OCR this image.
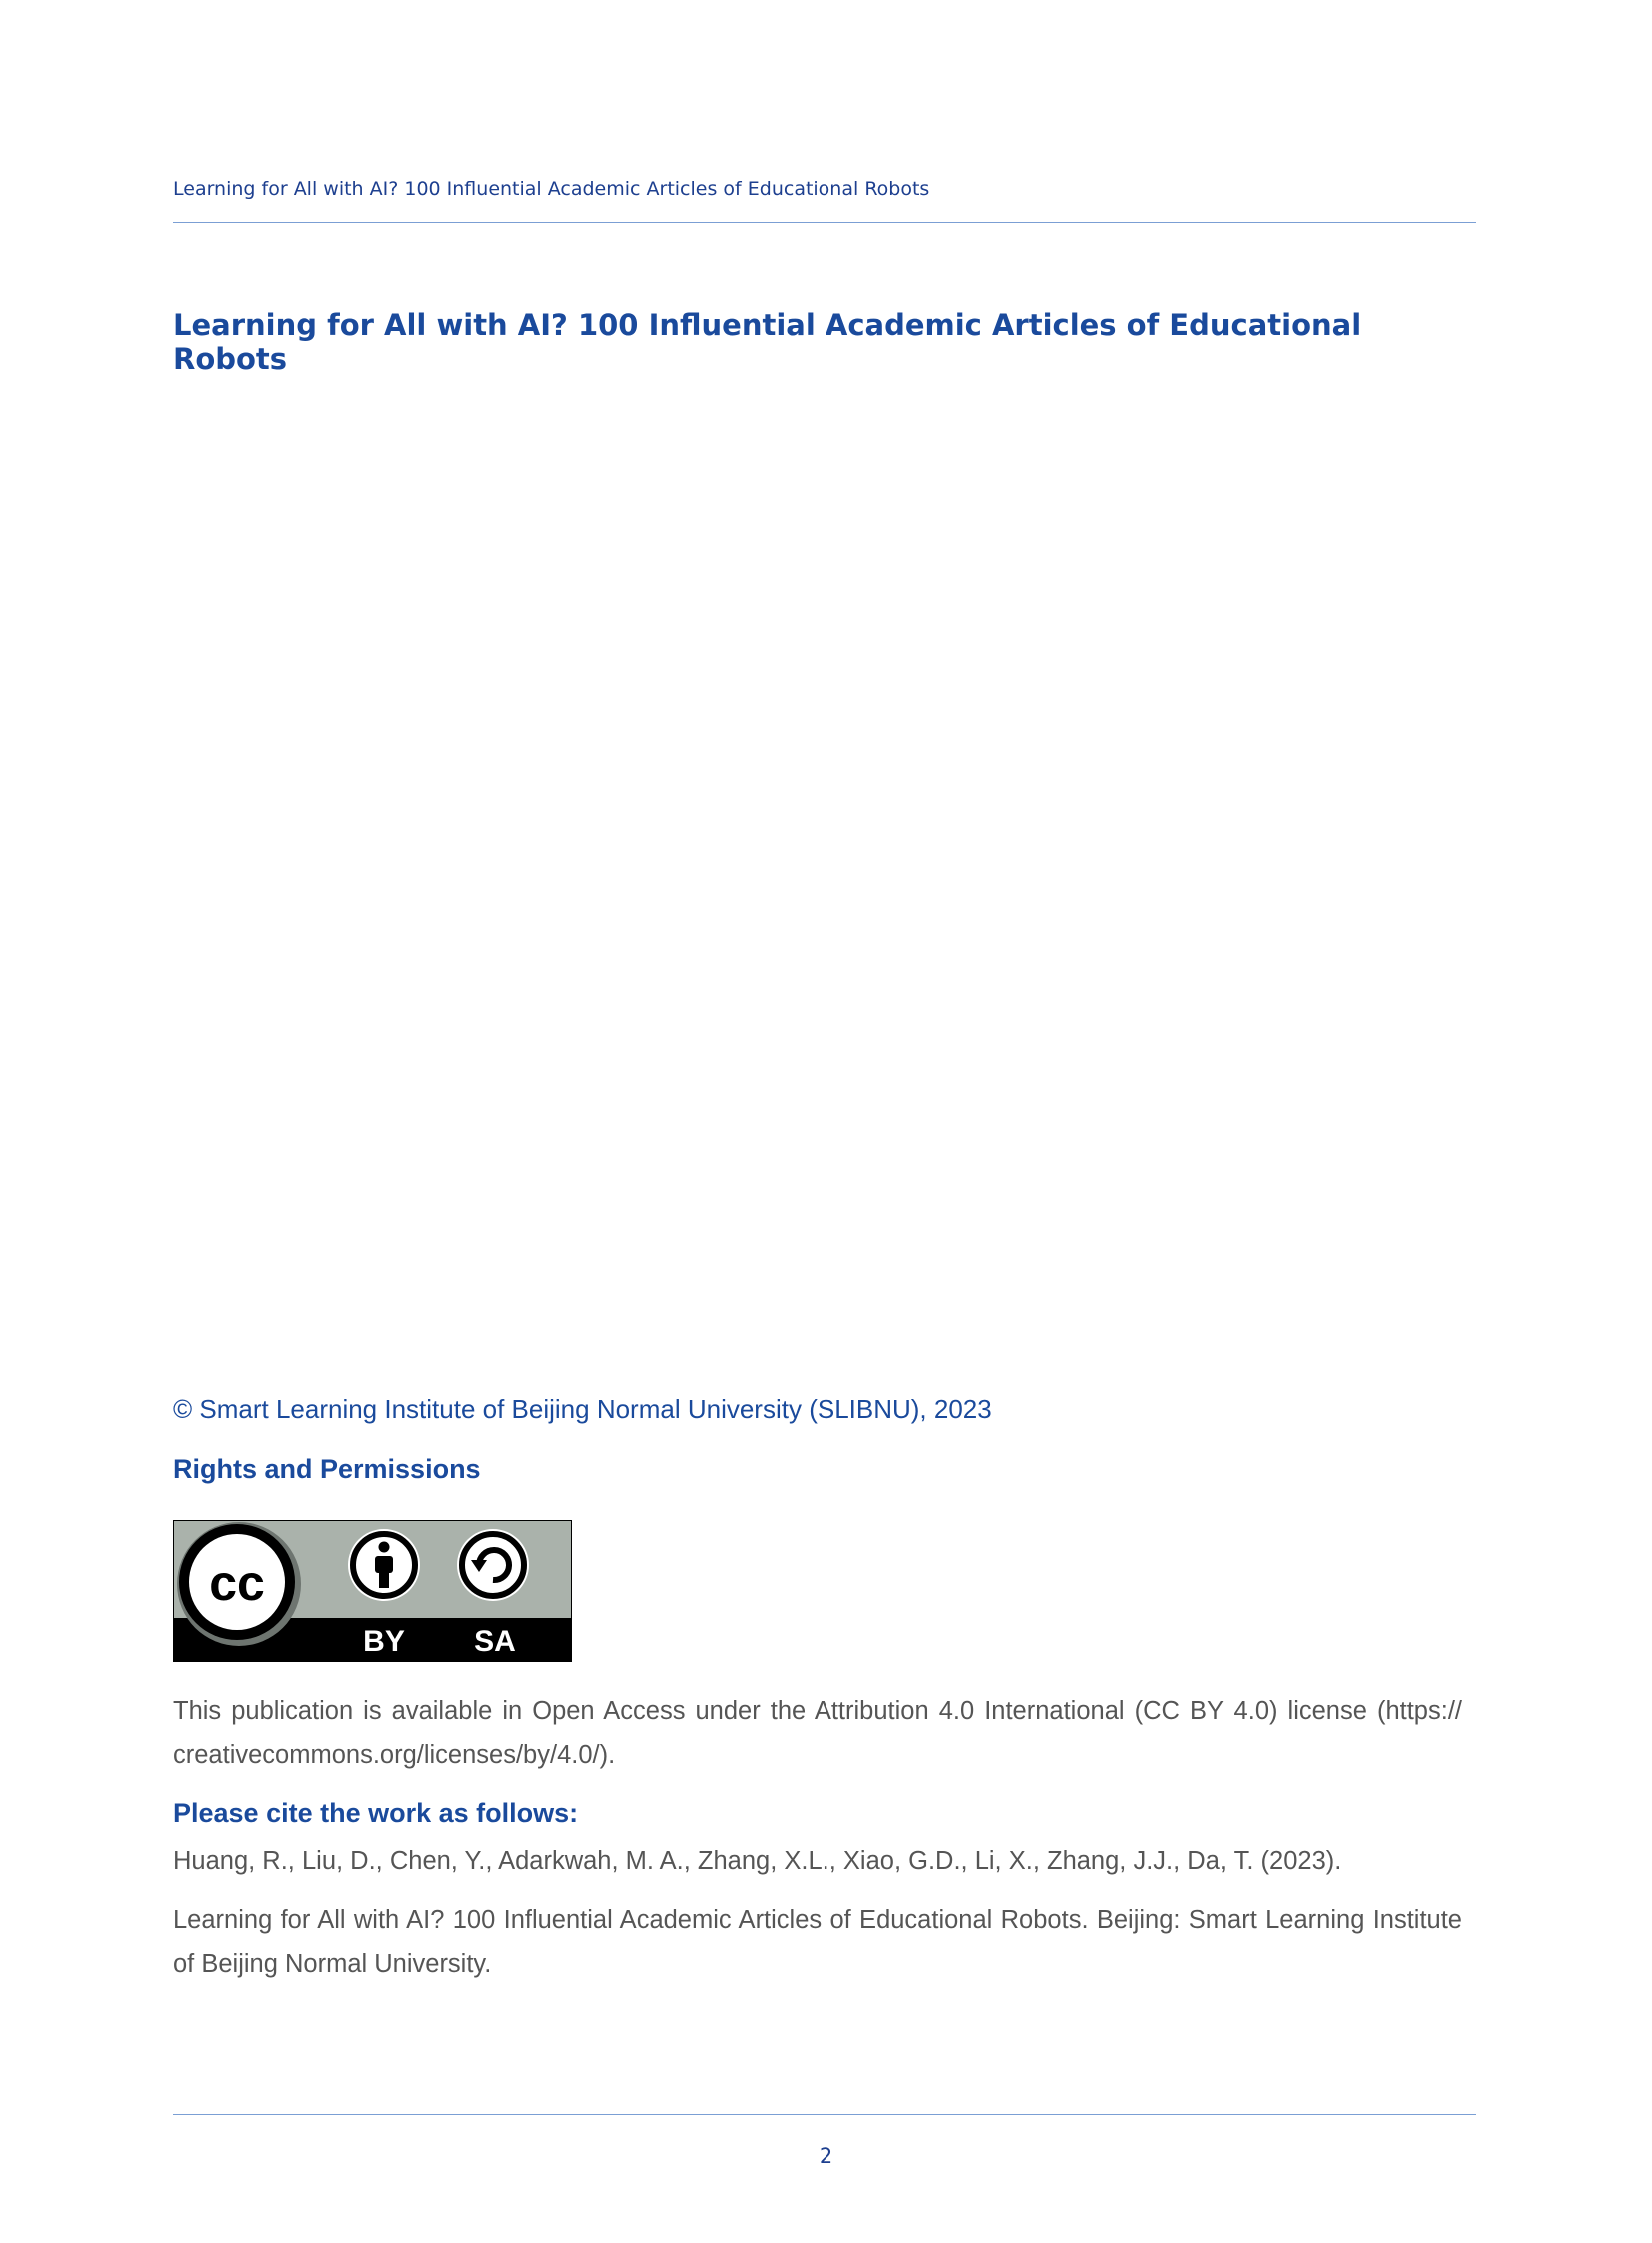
Learning for All with AI? 100 Influential Academic Articles of Educational Robots
Learning for All with AI? 100 Influential Academic Articles of Educational Robots
© Smart Learning Institute of Beijing Normal University (SLIBNU), 2023
Rights and Permissions
cc
BY SA
This publication is available in Open Access under the Attribution 4.0 International (CC BY 4.0) license (https:// creativecommons.org/licenses/by/4.0/).
Please cite the work as follows:
Huang, R., Liu, D., Chen, Y., Adarkwah, M. A., Zhang, X.L., Xiao, G.D., Li, X., Zhang, J.J., Da, T. (2023).
Learning for All with AI? 100 Influential Academic Articles of Educational Robots. Beijing: Smart Learning Institute of Beijing Normal University.
2
